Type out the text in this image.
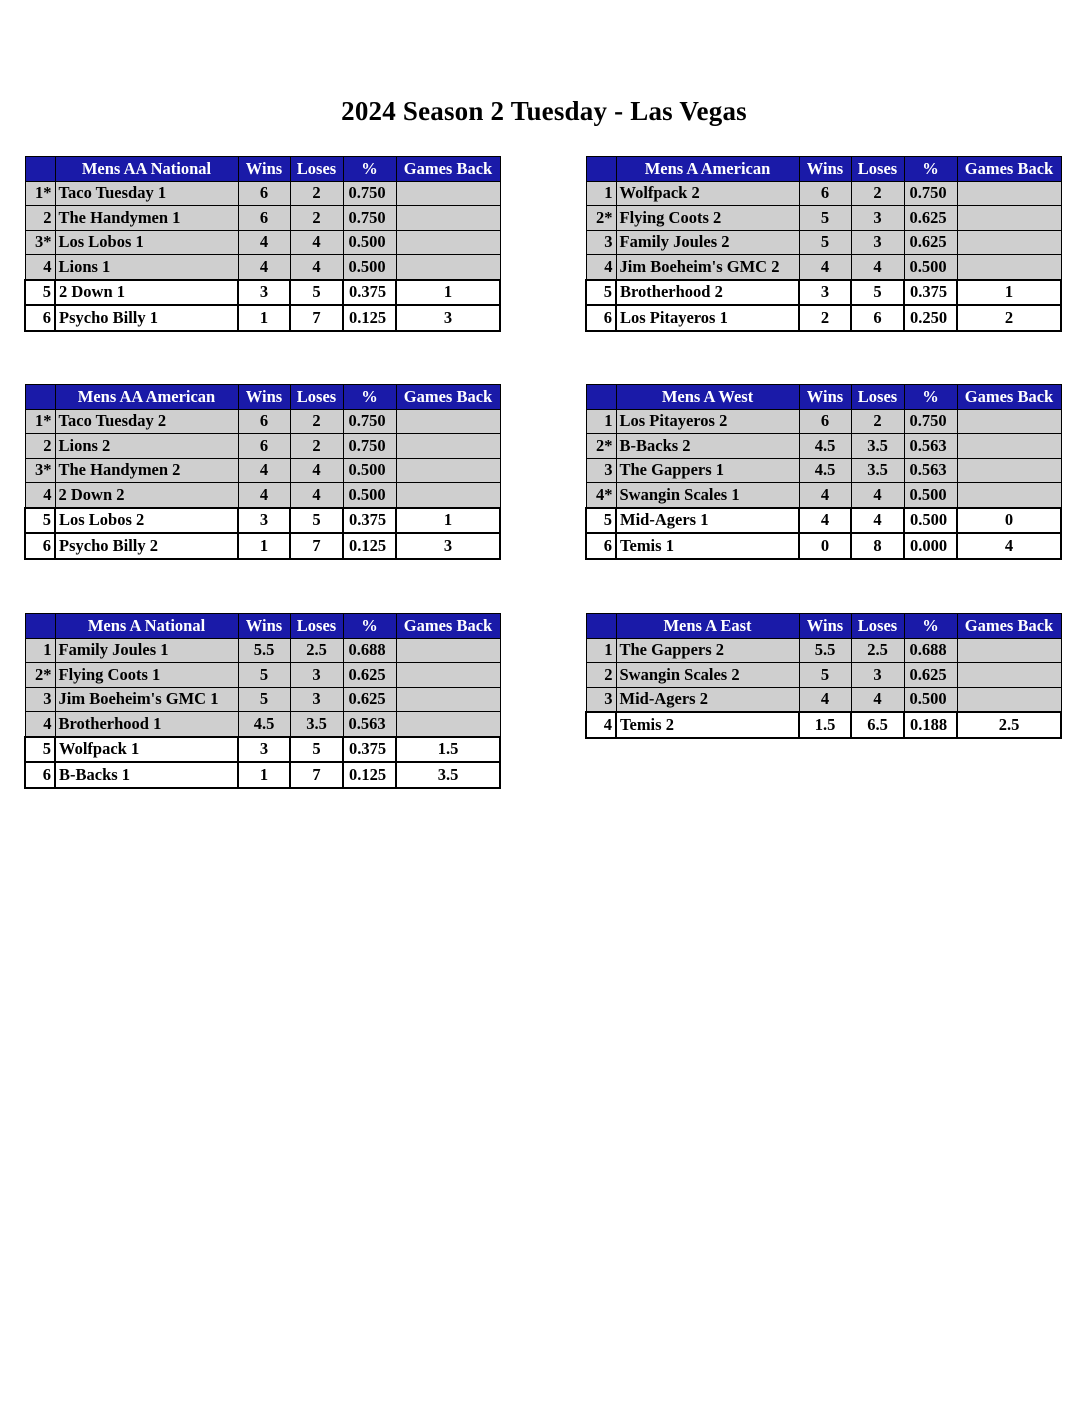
2024 Season 2 Tuesday - Las Vegas
	Mens AA National	Wins	Loses	%	Games Back
1*	Taco Tuesday 1	6	2	0.750	
2	The Handymen 1	6	2	0.750	
3*	Los Lobos 1	4	4	0.500	
4	Lions 1	4	4	0.500	
5	2 Down 1	3	5	0.375	1
6	Psycho Billy 1	1	7	0.125	3
	Mens A American	Wins	Loses	%	Games Back
1	Wolfpack 2	6	2	0.750	
2*	Flying Coots 2	5	3	0.625	
3	Family Joules 2	5	3	0.625	
4	Jim Boeheim's GMC 2	4	4	0.500	
5	Brotherhood 2	3	5	0.375	1
6	Los Pitayeros 1	2	6	0.250	2
	Mens AA American	Wins	Loses	%	Games Back
1*	Taco Tuesday 2	6	2	0.750	
2	Lions 2	6	2	0.750	
3*	The Handymen 2	4	4	0.500	
4	2 Down 2	4	4	0.500	
5	Los Lobos 2	3	5	0.375	1
6	Psycho Billy 2	1	7	0.125	3
	Mens A West	Wins	Loses	%	Games Back
1	Los Pitayeros 2	6	2	0.750	
2*	B-Backs 2	4.5	3.5	0.563	
3	The Gappers 1	4.5	3.5	0.563	
4*	Swangin Scales 1	4	4	0.500	
5	Mid-Agers 1	4	4	0.500	0
6	Temis 1	0	8	0.000	4
	Mens A National	Wins	Loses	%	Games Back
1	Family Joules 1	5.5	2.5	0.688	
2*	Flying Coots 1	5	3	0.625	
3	Jim Boeheim's GMC 1	5	3	0.625	
4	Brotherhood 1	4.5	3.5	0.563	
5	Wolfpack 1	3	5	0.375	1.5
6	B-Backs 1	1	7	0.125	3.5
	Mens A East	Wins	Loses	%	Games Back
1	The Gappers 2	5.5	2.5	0.688	
2	Swangin Scales 2	5	3	0.625	
3	Mid-Agers 2	4	4	0.500	
4	Temis 2	1.5	6.5	0.188	2.5
